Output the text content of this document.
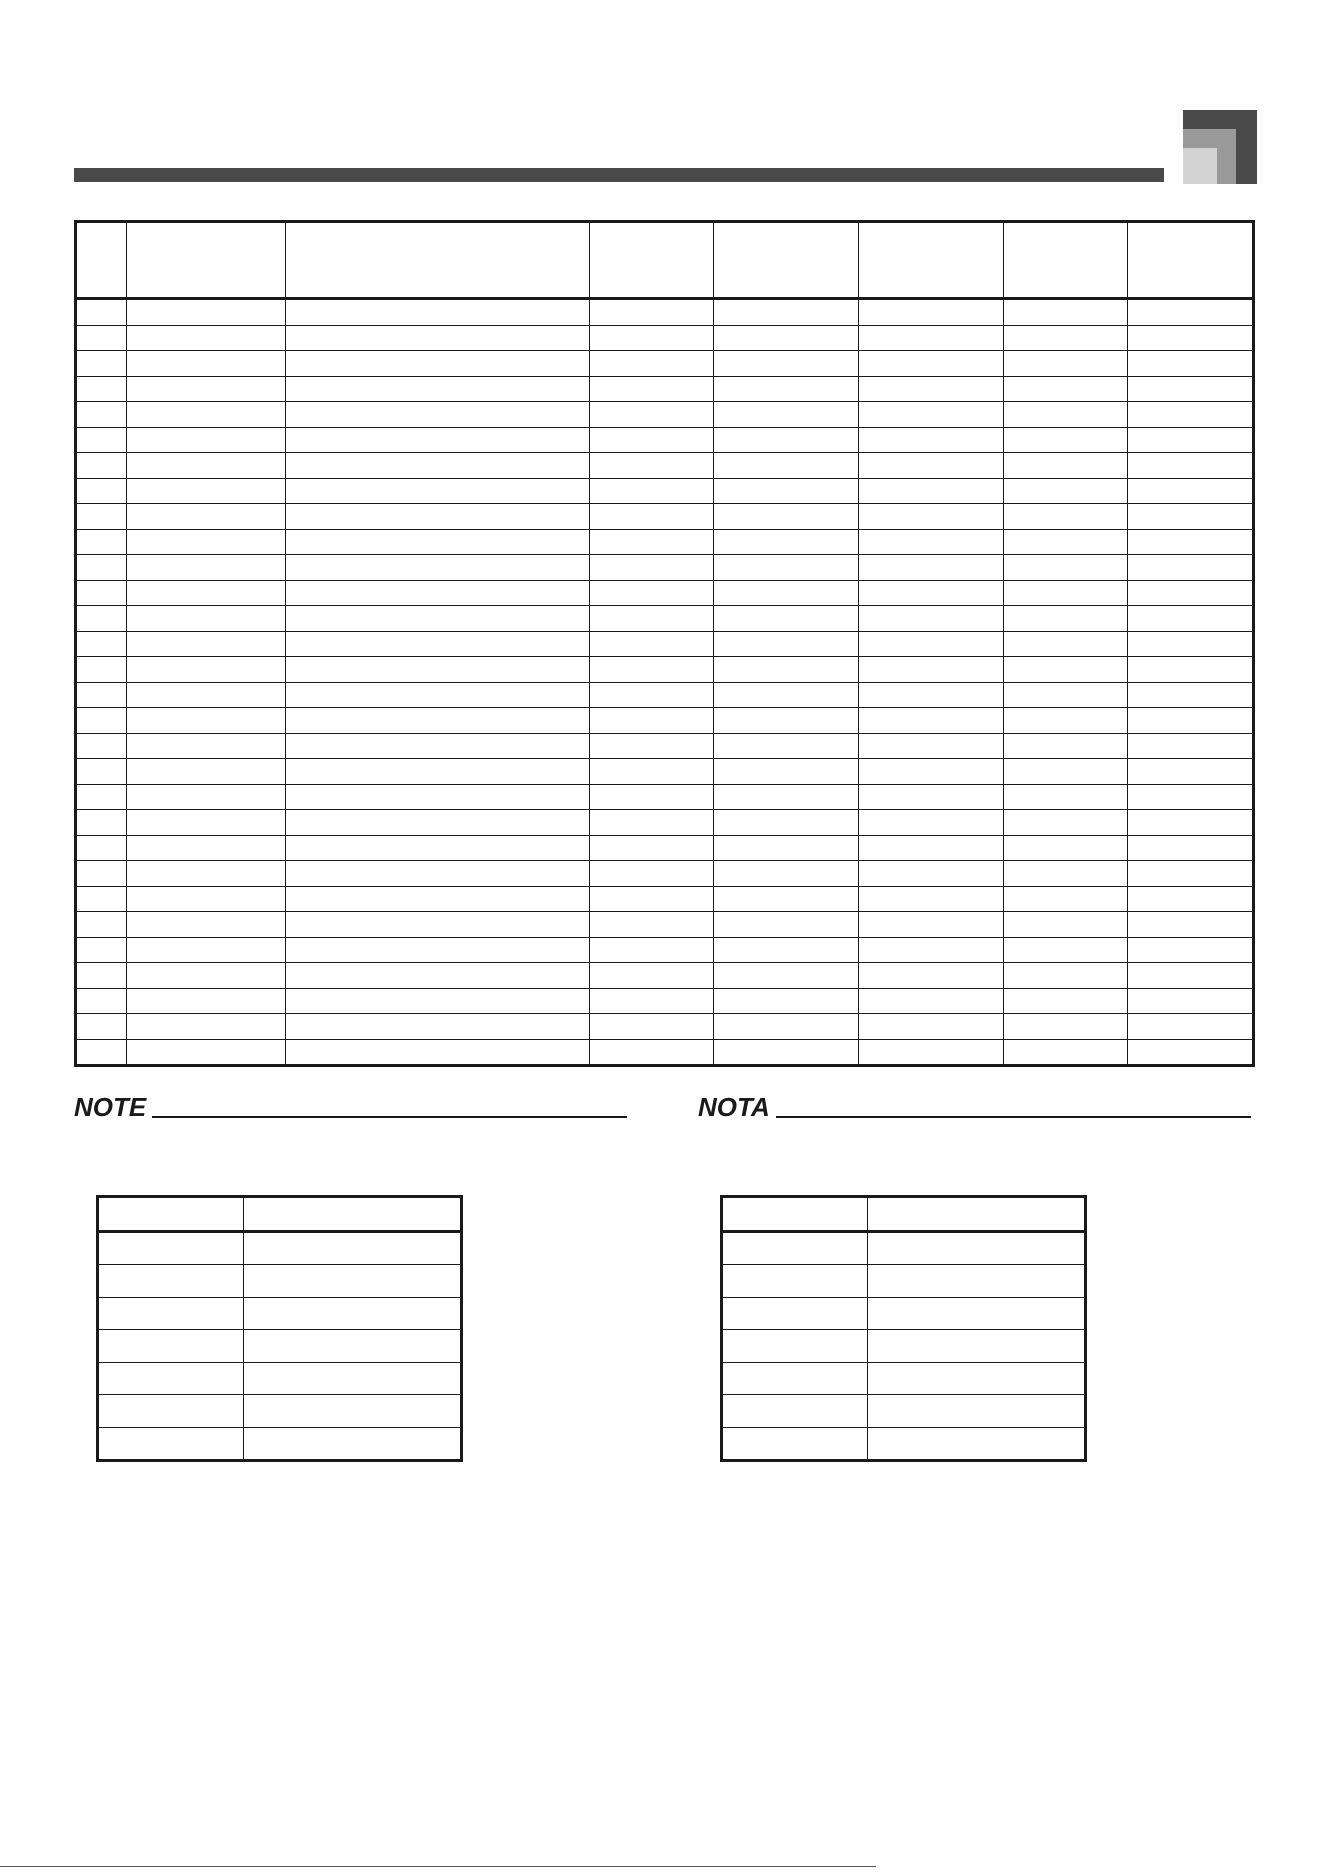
NOTE	NOTA
